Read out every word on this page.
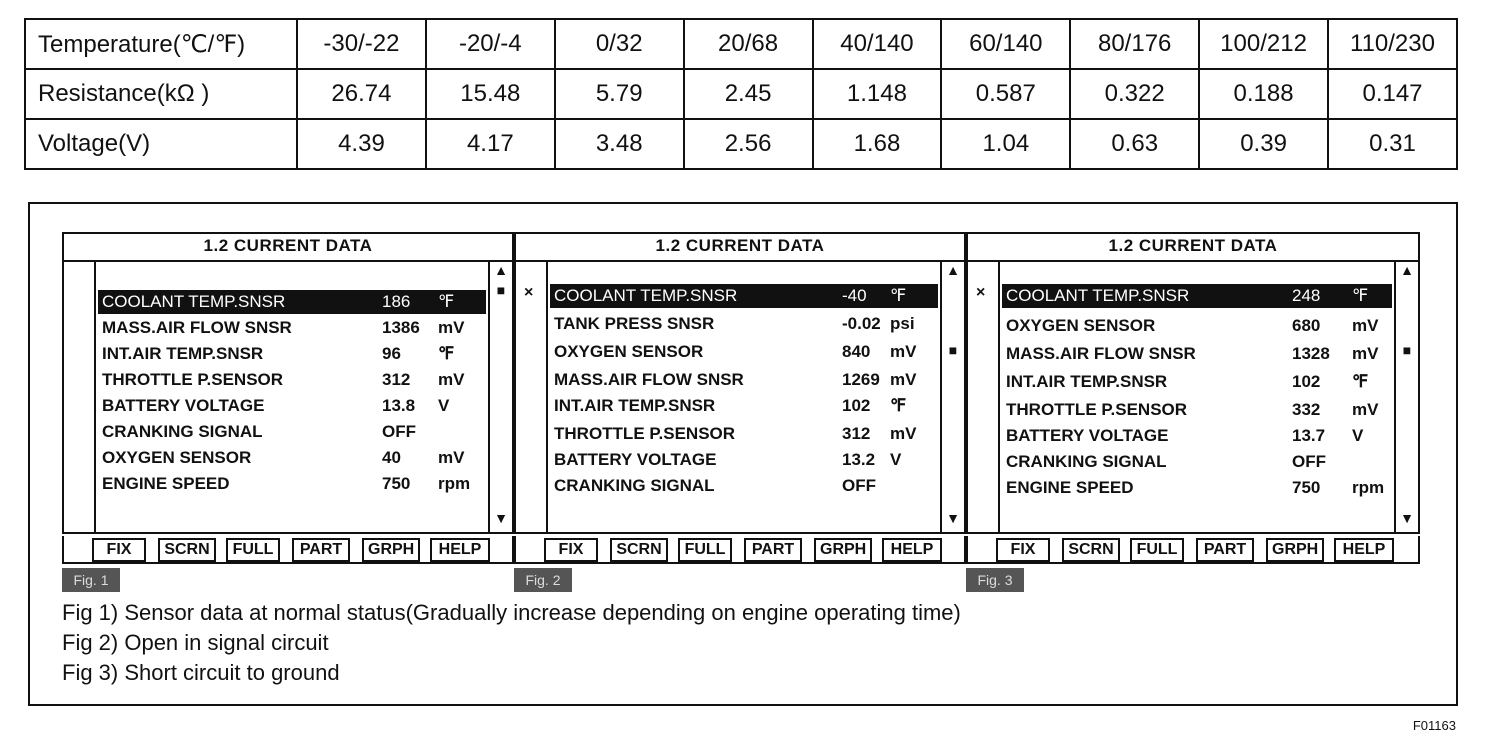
Temperature(℃/℉)	-30/-22	-20/-4	0/32	20/68	40/140	60/140	80/176	100/212	110/230
Resistance(kΩ )	26.74	15.48	5.79	2.45	1.148	0.587	0.322	0.188	0.147
Voltage(V)	4.39	4.17	3.48	2.56	1.68	1.04	0.63	0.39	0.31
1.2 CURRENT DATA
▲
■
▼
COOLANT TEMP.SNSR	186 ℉
MASS.AIR FLOW SNSR	1386 mV
INT.AIR TEMP.SNSR	96 ℉
THROTTLE P.SENSOR	312 mV
BATTERY VOLTAGE	13.8 V
CRANKING SIGNAL	OFF
OXYGEN SENSOR	40 mV
ENGINE SPEED	750 rpm
FIX	SCRN	FULL	PART	GRPH	HELP
Fig. 1
1.2 CURRENT DATA
×
▲
■
▼
COOLANT TEMP.SNSR	-40 ℉
TANK PRESS SNSR	-0.02 psi
OXYGEN SENSOR	840 mV
MASS.AIR FLOW SNSR	1269 mV
INT.AIR TEMP.SNSR	102 ℉
THROTTLE P.SENSOR	312 mV
BATTERY VOLTAGE	13.2 V
CRANKING SIGNAL	OFF
FIX	SCRN	FULL	PART	GRPH	HELP
Fig. 2
1.2 CURRENT DATA
×
▲
■
▼
COOLANT TEMP.SNSR	248 ℉
OXYGEN SENSOR	680 mV
MASS.AIR FLOW SNSR	1328 mV
INT.AIR TEMP.SNSR	102 ℉
THROTTLE P.SENSOR	332 mV
BATTERY VOLTAGE	13.7 V
CRANKING SIGNAL	OFF
ENGINE SPEED	750 rpm
FIX	SCRN	FULL	PART	GRPH	HELP
Fig. 3
Fig 1) Sensor data at normal status(Gradually increase depending on engine operating time)
Fig 2) Open in signal circuit
Fig 3) Short circuit to ground
F01163
